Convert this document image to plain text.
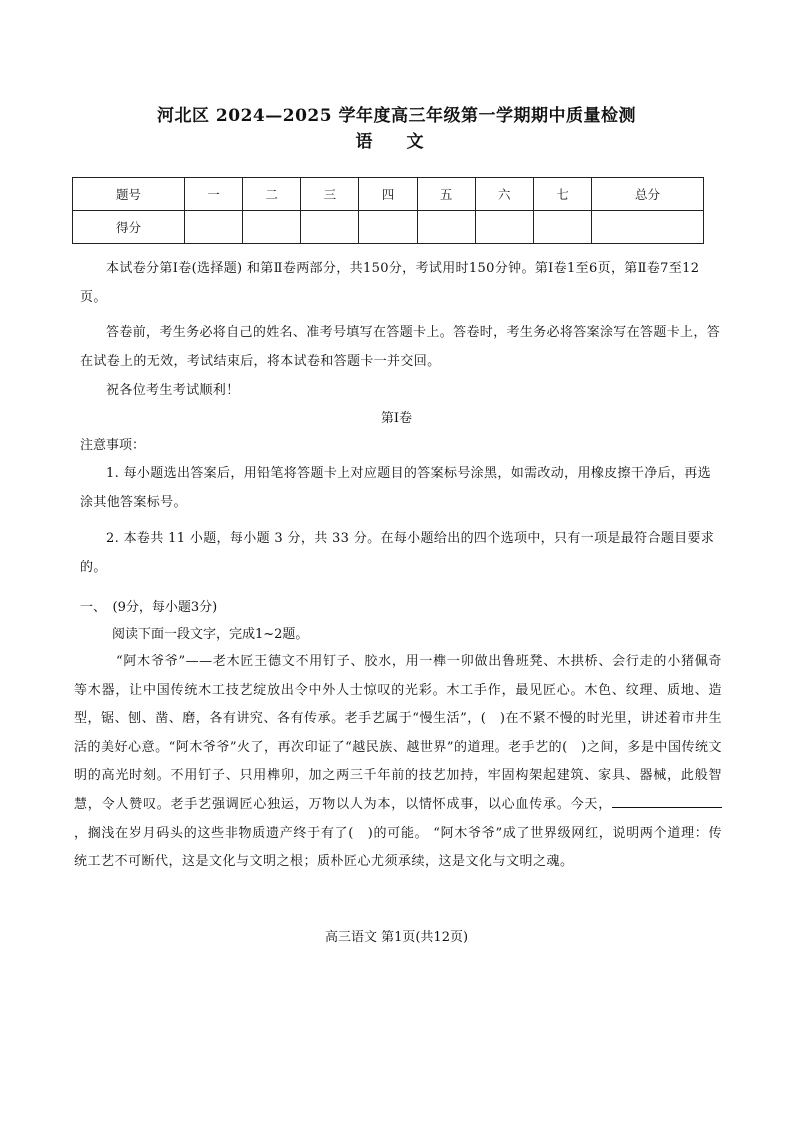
河北区 2024—2025 学年度高三年级第一学期期中质量检测
语 文
题号	一	二	三	四	五	六	七	总分
得分								
本试卷分第Ⅰ卷(选择题) 和第Ⅱ卷两部分，共150分，考试用时150分钟。第Ⅰ卷1至6页，第Ⅱ卷7至12页。
答卷前，考生务必将自己的姓名、准考号填写在答题卡上。答卷时，考生务必将答案涂写在答题卡上，答在试卷上的无效，考试结束后，将本试卷和答题卡一并交回。
祝各位考生考试顺利！
第Ⅰ卷
注意事项：
1. 每小题选出答案后，用铅笔将答题卡上对应题目的答案标号涂黑，如需改动，用橡皮擦干净后，再选涂其他答案标号。
2. 本卷共 11 小题，每小题 3 分，共 33 分。在每小题给出的四个选项中，只有一项是最符合题目要求的。
一、　(9分，每小题3分)
阅读下面一段文字，完成1~2题。
“阿木爷爷”——老木匠王德文不用钉子、胶水，用一榫一卯做出鲁班凳、木拱桥、会行走的小猪佩奇等木器，让中国传统木工技艺绽放出令中外人士惊叹的光彩。木工手作，最见匠心。木色、纹理、质地、造型，锯、刨、凿、磨，各有讲究、各有传承。老手艺属于“慢生活”，(　)在不紧不慢的时光里，讲述着市井生活的美好心意。“阿木爷爷”火了，再次印证了“越民族、越世界”的道理。老手艺的(　)之间，多是中国传统文明的高光时刻。不用钉子、只用榫卯，加之两三千年前的技艺加持，牢固构架起建筑、家具、器械，此般智慧，令人赞叹。老手艺强调匠心独运，万物以人为本，以情怀成事，以心血传承。今天，，搁浅在岁月码头的这些非物质遗产终于有了(　)的可能。 “阿木爷爷”成了世界级网红，说明两个道理：传统工艺不可断代，这是文化与文明之根；质朴匠心尤须承续，这是文化与文明之魂。
高三语文 第1页(共12页)
